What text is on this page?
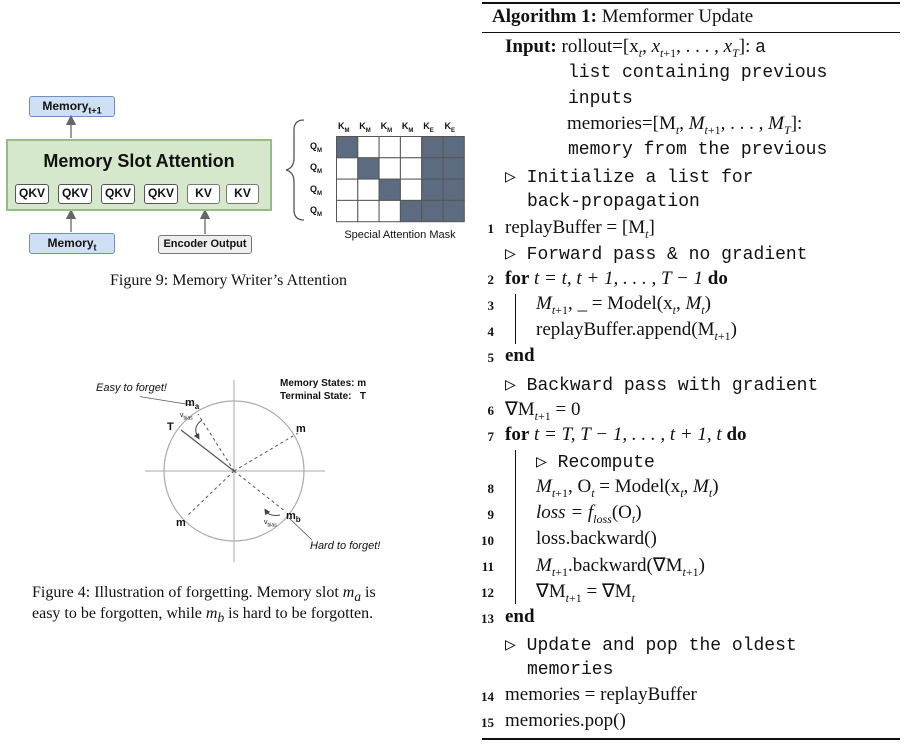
Memory$_{t+1}$
Memory Slot Attention
QKV	QKV	QKV	QKV	KV	KV
Memory$_t$	Encoder Output
$K_M$ $K_M$ $K_M$ $K_M$ $K_E$ $K_E$
$Q_M$
$Q_M$
$Q_M$
$Q_M$
Special Attention Mask
Figure 9: Memory Writer’s Attention
Easy to forget!	Memory States: m
Terminal State:   T
$m_a$
$v_{bias}$
T	m
m
$m_b$
$v_{bias}$
Hard to forget!
Figure 4: Illustration of forgetting. Memory slot $m_a$ is
easy to be forgotten, while $m_b$ is hard to be forgotten.
Algorithm 1: Memformer Update
Input: $rollout=[x_t$, $x_{t+1}$, . . . , $x_T$]: a
list containing previous
inputs
$memories=[M_t$, $M_{t+1}$, . . . , $M_T$]:
memory from the previous
▷ Initialize a list for
back-propagation
1 replayBuffer = $[M_t]$
▷ Forward pass & no gradient
2 for t = t, t + 1, . . . , T − 1 do
3 $M_{t+1}$, _ = $Model(x_t$, $M_t$)
4 $replayBuffer.append(M_{t+1})$
5 end
▷ Backward pass with gradient
6 $\nabla M_{t+1} = 0$
7 for t = T, T − 1, . . . , t + 1, t do
▷ Recompute
8 $M_{t+1}$, $O_t$ = $Model(x_t$, $M_t$)
9 loss = $f_{loss}(O_t)$
10 loss.backward()
11 $M_{t+1}.backward(\nabla M_{t+1})$
12 $\nabla M_{t+1} = \nabla M_t$
13 end
▷ Update and pop the oldest
memories
14 memories = replayBuffer
15 memories.pop()
